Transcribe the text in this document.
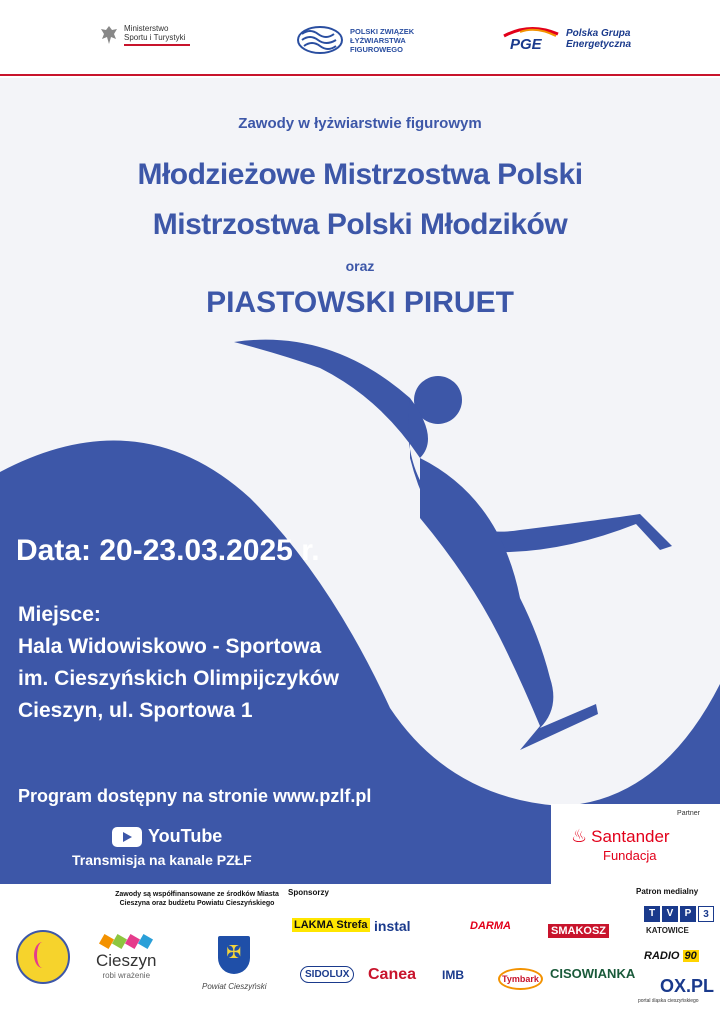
Ministerstwo Sportu i Turystyki
POLSKI ZWIĄZEK ŁYŻWIARSTWA FIGUROWEGO	PGE
Polska Grupa Energetyczna
Zawody w łyżwiarstwie figurowym
Młodzieżowe Mistrzostwa Polski
Mistrzostwa Polski Młodzików
oraz
PIASTOWSKI PIRUET
Data: 20-23.03.2025 r.
Miejsce:
Hala Widowiskowo - Sportowa
im. Cieszyńskich Olimpijczyków
Cieszyn, ul. Sportowa 1
Program dostępny na stronie www.pzlf.pl
YouTube
Transmisja na kanale PZŁF
Partner
♨ Santander
Fundacja
Zawody są współfinansowane ze środków Miasta Cieszyna oraz budżetu Powiatu Cieszyńskiego
Sponsorzy	Patron medialny
Cieszyn
robi wrażenie
✠
Powiat Cieszyński
LAKMA Strefa instal	DARMA	SMAKOSZ
SIDOLUX	Canea IMB	Tymbark CISOWIANKA
T	V	P	3
KATOWICE
RADIO 90
OX.PL
portal śląska cieszyńskiego
